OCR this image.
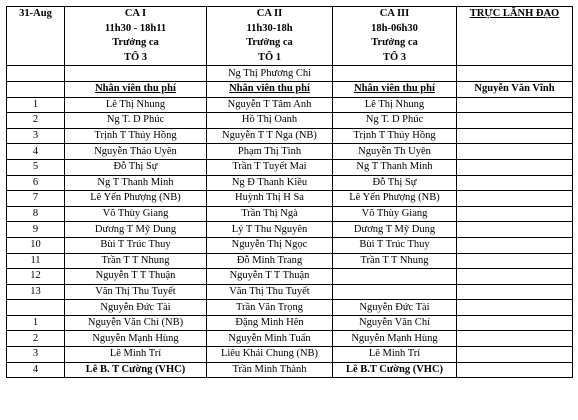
31-Aug	CA I	CA II	CA III	TRỰC LÃNH ĐẠO
	11h30 - 18h11	11h30-18h	18h-06h30	
	Trưởng ca	Trưởng ca	Trưởng ca	
	TỔ 3	TỔ 1	TỔ 3	
		Ng Thị Phương Chi		
	Nhân viên thu phí	Nhân viên thu phí	Nhân viên thu phí	Nguyễn Văn Vĩnh
1	Lê Thị Nhung	Nguyễn T Tâm Anh	Lê Thị Nhung	
2	Ng T. D Phúc	Hồ Thị Oanh	Ng T. D Phúc	
3	Trịnh T Thúy Hồng	Nguyễn T T Nga (NB)	Trịnh T Thúy Hồng	
4	Nguyễn Thảo Uyên	Phạm Thị Tình	Nguyễn Th Uyên	
5	Đỗ Thị Sự	Trần T Tuyết Mai	Ng T Thanh Minh	
6	Ng T Thanh Minh	Ng Đ Thanh Kiều	Đỗ Thị Sự	
7	Lê Yến Phượng (NB)	Huỳnh Thị H Sa	Lê Yến Phượng (NB)	
8	Võ Thùy Giang	Trần Thị Ngà	Võ Thùy Giang	
9	Dương T Mỹ Dung	Lý T Thu Nguyên	Dương T Mỹ Dung	
10	Bùi T Trúc Thuy	Nguyễn Thị Ngọc	Bùi T Trúc Thuy	
11	Trần T T Nhung	Đỗ Minh Trang	Trần T T Nhung	
12	Nguyễn T T Thuận	Nguyễn T T Thuận		
13	Văn Thị Thu Tuyết	Văn Thị Thu Tuyết		
	Nguyễn Đức Tài	Trần Văn Trọng	Nguyễn Đức Tài	
1	Nguyễn Văn Chí (NB)	Đặng Minh Hên	Nguyễn Văn Chí	
2	Nguyễn Mạnh Hùng	Nguyễn Minh Tuấn	Nguyễn Mạnh Hùng	
3	Lê Minh Trí	Liêu Khải Chung (NB)	Lê Minh Trí	
4	Lê B. T Cường (VHC)	Trần Minh Thành	Lê B.T Cường (VHC)	
